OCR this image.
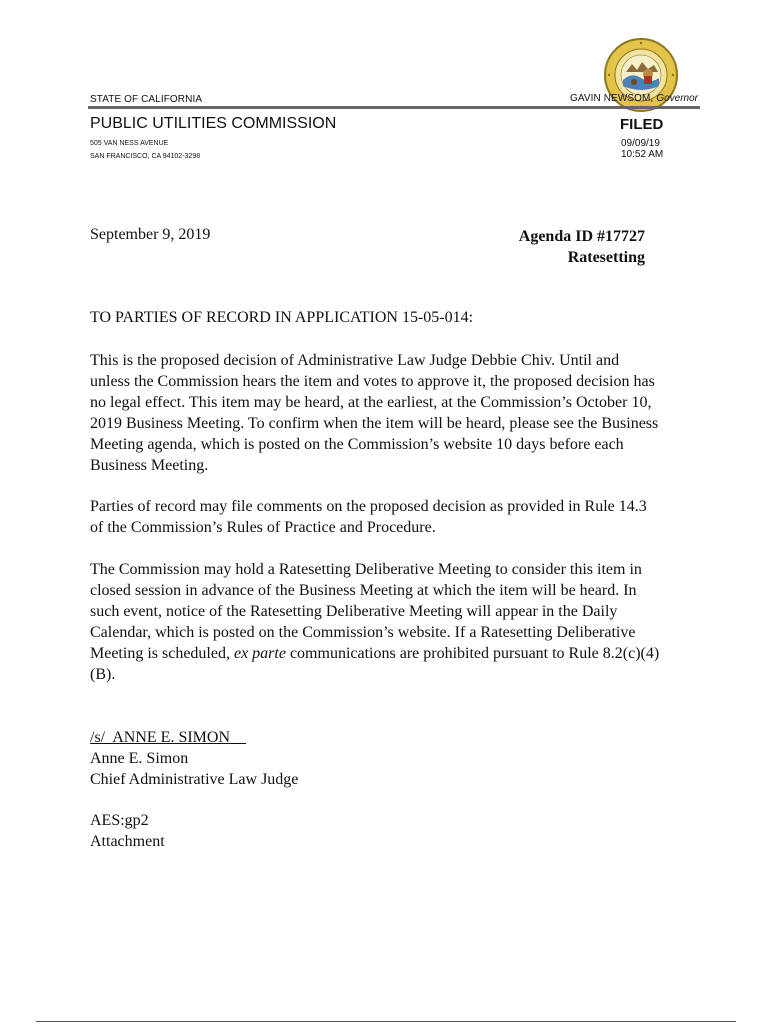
STATE OF CALIFORNIA	GAVIN NEWSOM, Governor
PUBLIC UTILITIES COMMISSION
505 VAN NESS AVENUE
SAN FRANCISCO, CA 94102-3298
FILED
09/09/19
10:52 AM
September 9, 2019	Agenda ID #17727
Ratesetting
TO PARTIES OF RECORD IN APPLICATION 15-05-014:

This is the proposed decision of Administrative Law Judge Debbie Chiv. Until and unless the Commission hears the item and votes to approve it, the proposed decision has no legal effect. This item may be heard, at the earliest, at the Commission’s October 10, 2019 Business Meeting. To confirm when the item will be heard, please see the Business Meeting agenda, which is posted on the Commission’s website 10 days before each Business Meeting.

Parties of record may file comments on the proposed decision as provided in Rule 14.3 of the Commission’s Rules of Practice and Procedure.

The Commission may hold a Ratesetting Deliberative Meeting to consider this item in closed session in advance of the Business Meeting at which the item will be heard. In such event, notice of the Ratesetting Deliberative Meeting will appear in the Daily Calendar, which is posted on the Commission’s website. If a Ratesetting Deliberative Meeting is scheduled, ex parte communications are prohibited pursuant to Rule 8.2(c)(4)(B).

/s/  ANNE E. SIMON
Anne E. Simon
Chief Administrative Law Judge
AES:gp2
Attachment
